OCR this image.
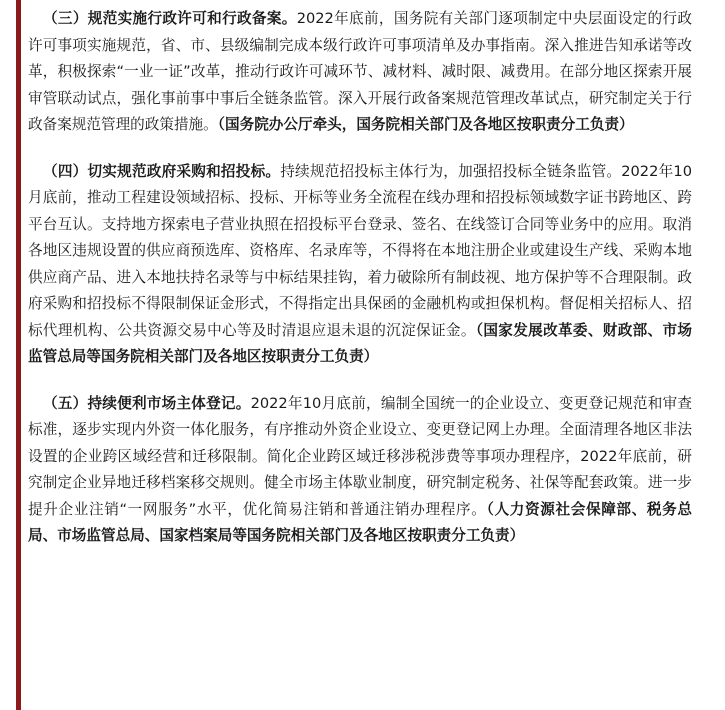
（三）规范实施行政许可和行政备案。2022年底前，国务院有关部门逐项制定中央层面设定的行政许可事项实施规范，省、市、县级编制完成本级行政许可事项清单及办事指南。深入推进告知承诺等改革，积极探索“一业一证”改革，推动行政许可减环节、减材料、减时限、减费用。在部分地区探索开展审管联动试点，强化事前事中事后全链条监管。深入开展行政备案规范管理改革试点，研究制定关于行政备案规范管理的政策措施。（国务院办公厅牵头，国务院相关部门及各地区按职责分工负责）

（四）切实规范政府采购和招投标。持续规范招投标主体行为，加强招投标全链条监管。2022年10月底前，推动工程建设领域招标、投标、开标等业务全流程在线办理和招投标领域数字证书跨地区、跨平台互认。支持地方探索电子营业执照在招投标平台登录、签名、在线签订合同等业务中的应用。取消各地区违规设置的供应商预选库、资格库、名录库等，不得将在本地注册企业或建设生产线、采购本地供应商产品、进入本地扶持名录等与中标结果挂钩，着力破除所有制歧视、地方保护等不合理限制。政府采购和招投标不得限制保证金形式，不得指定出具保函的金融机构或担保机构。督促相关招标人、招标代理机构、公共资源交易中心等及时清退应退未退的沉淀保证金。（国家发展改革委、财政部、市场监管总局等国务院相关部门及各地区按职责分工负责）

（五）持续便利市场主体登记。2022年10月底前，编制全国统一的企业设立、变更登记规范和审查标准，逐步实现内外资一体化服务，有序推动外资企业设立、变更登记网上办理。全面清理各地区非法设置的企业跨区域经营和迁移限制。简化企业跨区域迁移涉税涉费等事项办理程序，2022年底前，研究制定企业异地迁移档案移交规则。健全市场主体歇业制度，研究制定税务、社保等配套政策。进一步提升企业注销“一网服务”水平，优化简易注销和普通注销办理程序。（人力资源社会保障部、税务总局、市场监管总局、国家档案局等国务院相关部门及各地区按职责分工负责）
